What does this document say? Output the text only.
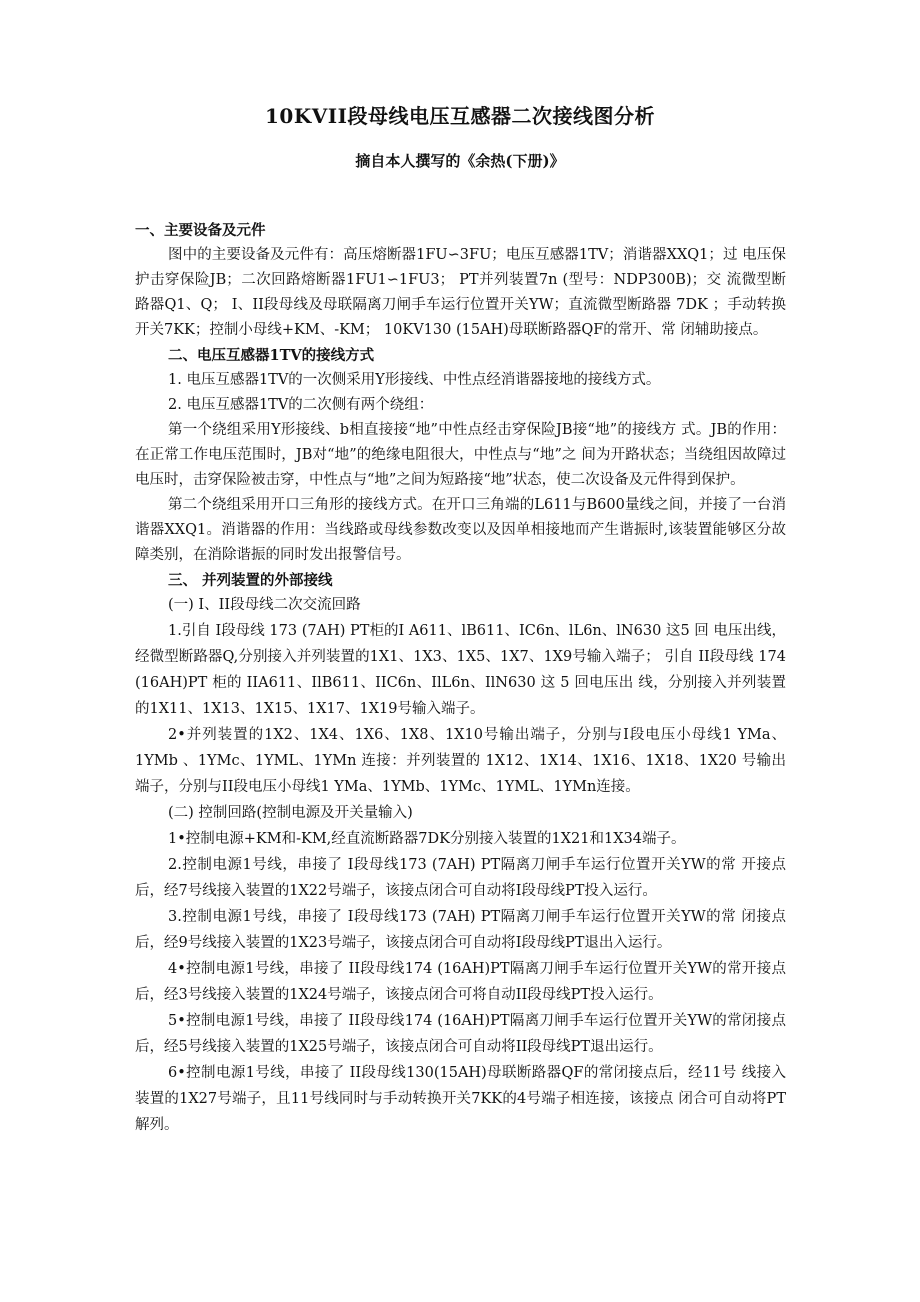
10KVII段母线电压互感器二次接线图分析
摘自本人撰写的《余热(下册)》

一、主要设备及元件

图中的主要设备及元件有：高压熔断器1FU∽3FU；电压互感器1TV；消谐器XXQ1；过 电压保护击穿保险JB；二次回路熔断器1FU1∽1FU3； PT并列装置7n (型号：NDP300B)；交 流微型断路器Q1、Q； I、II段母线及母联隔离刀闸手车运行位置开关YW；直流微型断路器 7DK ；手动转换开关7KK；控制小母线+KM、-KM； 10KV130 (15AH)母联断路器QF的常开、常 闭辅助接点。

二、电压互感器1TV的接线方式

1. 电压互感器1TV的一次侧采用Y形接线、中性点经消谐器接地的接线方式。

2. 电压互感器1TV的二次侧有两个绕组：

第一个绕组采用Y形接线、b相直接接“地”中性点经击穿保险JB接“地”的接线方 式。JB的作用：在正常工作电压范围时，JB对“地”的绝缘电阻很大，中性点与“地”之 间为开路状态；当绕组因故障过电压时，击穿保险被击穿，中性点与“地”之间为短路接“地”状态，使二次设备及元件得到保护。

第二个绕组采用开口三角形的接线方式。在开口三角端的L611与B600量线之间，并接了一台消谐器XXQ1。消谐器的作用：当线路或母线参数改变以及因单相接地而产生谐振时,该装置能够区分故障类别，在消除谐振的同时发出报警信号。

三、 并列装置的外部接线

(一) I、II段母线二次交流回路

1.引自 I段母线 173 (7AH) PT柜的I A611、lB611、IC6n、lL6n、lN630 这5 回 电压出线，经微型断路器Q,分别接入并列装置的1X1、1X3、1X5、1X7、1X9号输入端子； 引自 II段母线 174 (16AH)PT 柜的 IIA611、IlB611、IIC6n、IlL6n、IlN630 这 5 回电压出 线，分别接入并列装置的1X11、1X13、1X15、1X17、1X19号输入端子。

2•并列装置的1X2、1X4、1X6、1X8、1X10号输出端子，分别与I段电压小母线1 YMa、 1YMb 、1YMc、1YML、1YMn 连接：并列装置的 1X12、1X14、1X16、1X18、1X20 号输出端子，分别与II段电压小母线1 YMa、1YMb、1YMc、1YML、1YMn连接。

(二) 控制回路(控制电源及开关量输入)

1•控制电源+KM和-KM,经直流断路器7DK分别接入装置的1X21和1X34端子。

2.控制电源1号线，串接了 I段母线173 (7AH) PT隔离刀闸手车运行位置开关YW的常 开接点后，经7号线接入装置的1X22号端子，该接点闭合可自动将I段母线PT投入运行。

3.控制电源1号线，串接了 I段母线173 (7AH) PT隔离刀闸手车运行位置开关YW的常 闭接点后，经9号线接入装置的1X23号端子，该接点闭合可自动将I段母线PT退出入运行。

4•控制电源1号线，串接了 II段母线174 (16AH)PT隔离刀闸手车运行位置开关YW的常开接点后，经3号线接入装置的1X24号端子，该接点闭合可将自动II段母线PT投入运行。

5•控制电源1号线，串接了 II段母线174 (16AH)PT隔离刀闸手车运行位置开关YW的常闭接点后，经5号线接入装置的1X25号端子，该接点闭合可自动将II段母线PT退出运行。

6•控制电源1号线，串接了 II段母线130(15AH)母联断路器QF的常闭接点后，经11号 线接入装置的1X27号端子，且11号线同时与手动转换开关7KK的4号端子相连接，该接点 闭合可自动将PT解列。
